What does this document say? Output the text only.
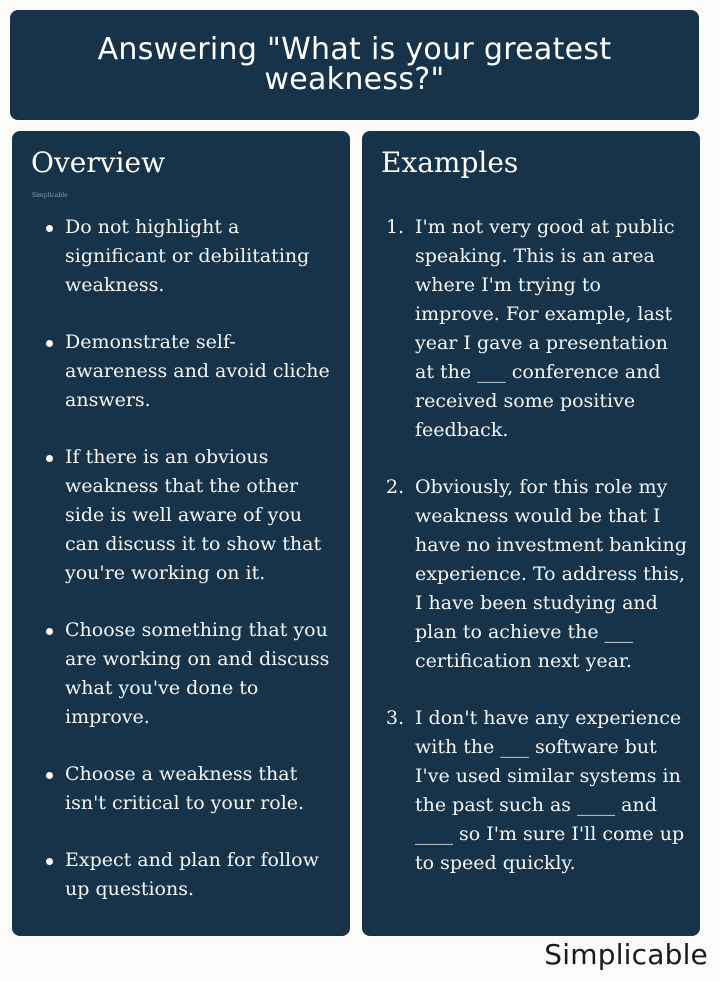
Answering "What is your greatest weakness?"
Overview
Simplicable
Do not highlight a significant or debilitating weakness.
Demonstrate self-awareness and avoid cliche answers.
If there is an obvious weakness that the other side is well aware of you can discuss it to show that you're working on it.
Choose something that you are working on and discuss what you've done to improve.
Choose a weakness that isn't critical to your role.
Expect and plan for follow up questions.
Examples
1. I'm not very good at public speaking. This is an area where I'm trying to improve. For example, last year I gave a presentation at the ___ conference and received some positive feedback.
2. Obviously, for this role my weakness would be that I have no investment banking experience. To address this, I have been studying and plan to achieve the ___ certification next year.
3. I don't have any experience with the ___ software but I've used similar systems in the past such as ____ and ____ so I'm sure I'll come up to speed quickly.
Simplicable
